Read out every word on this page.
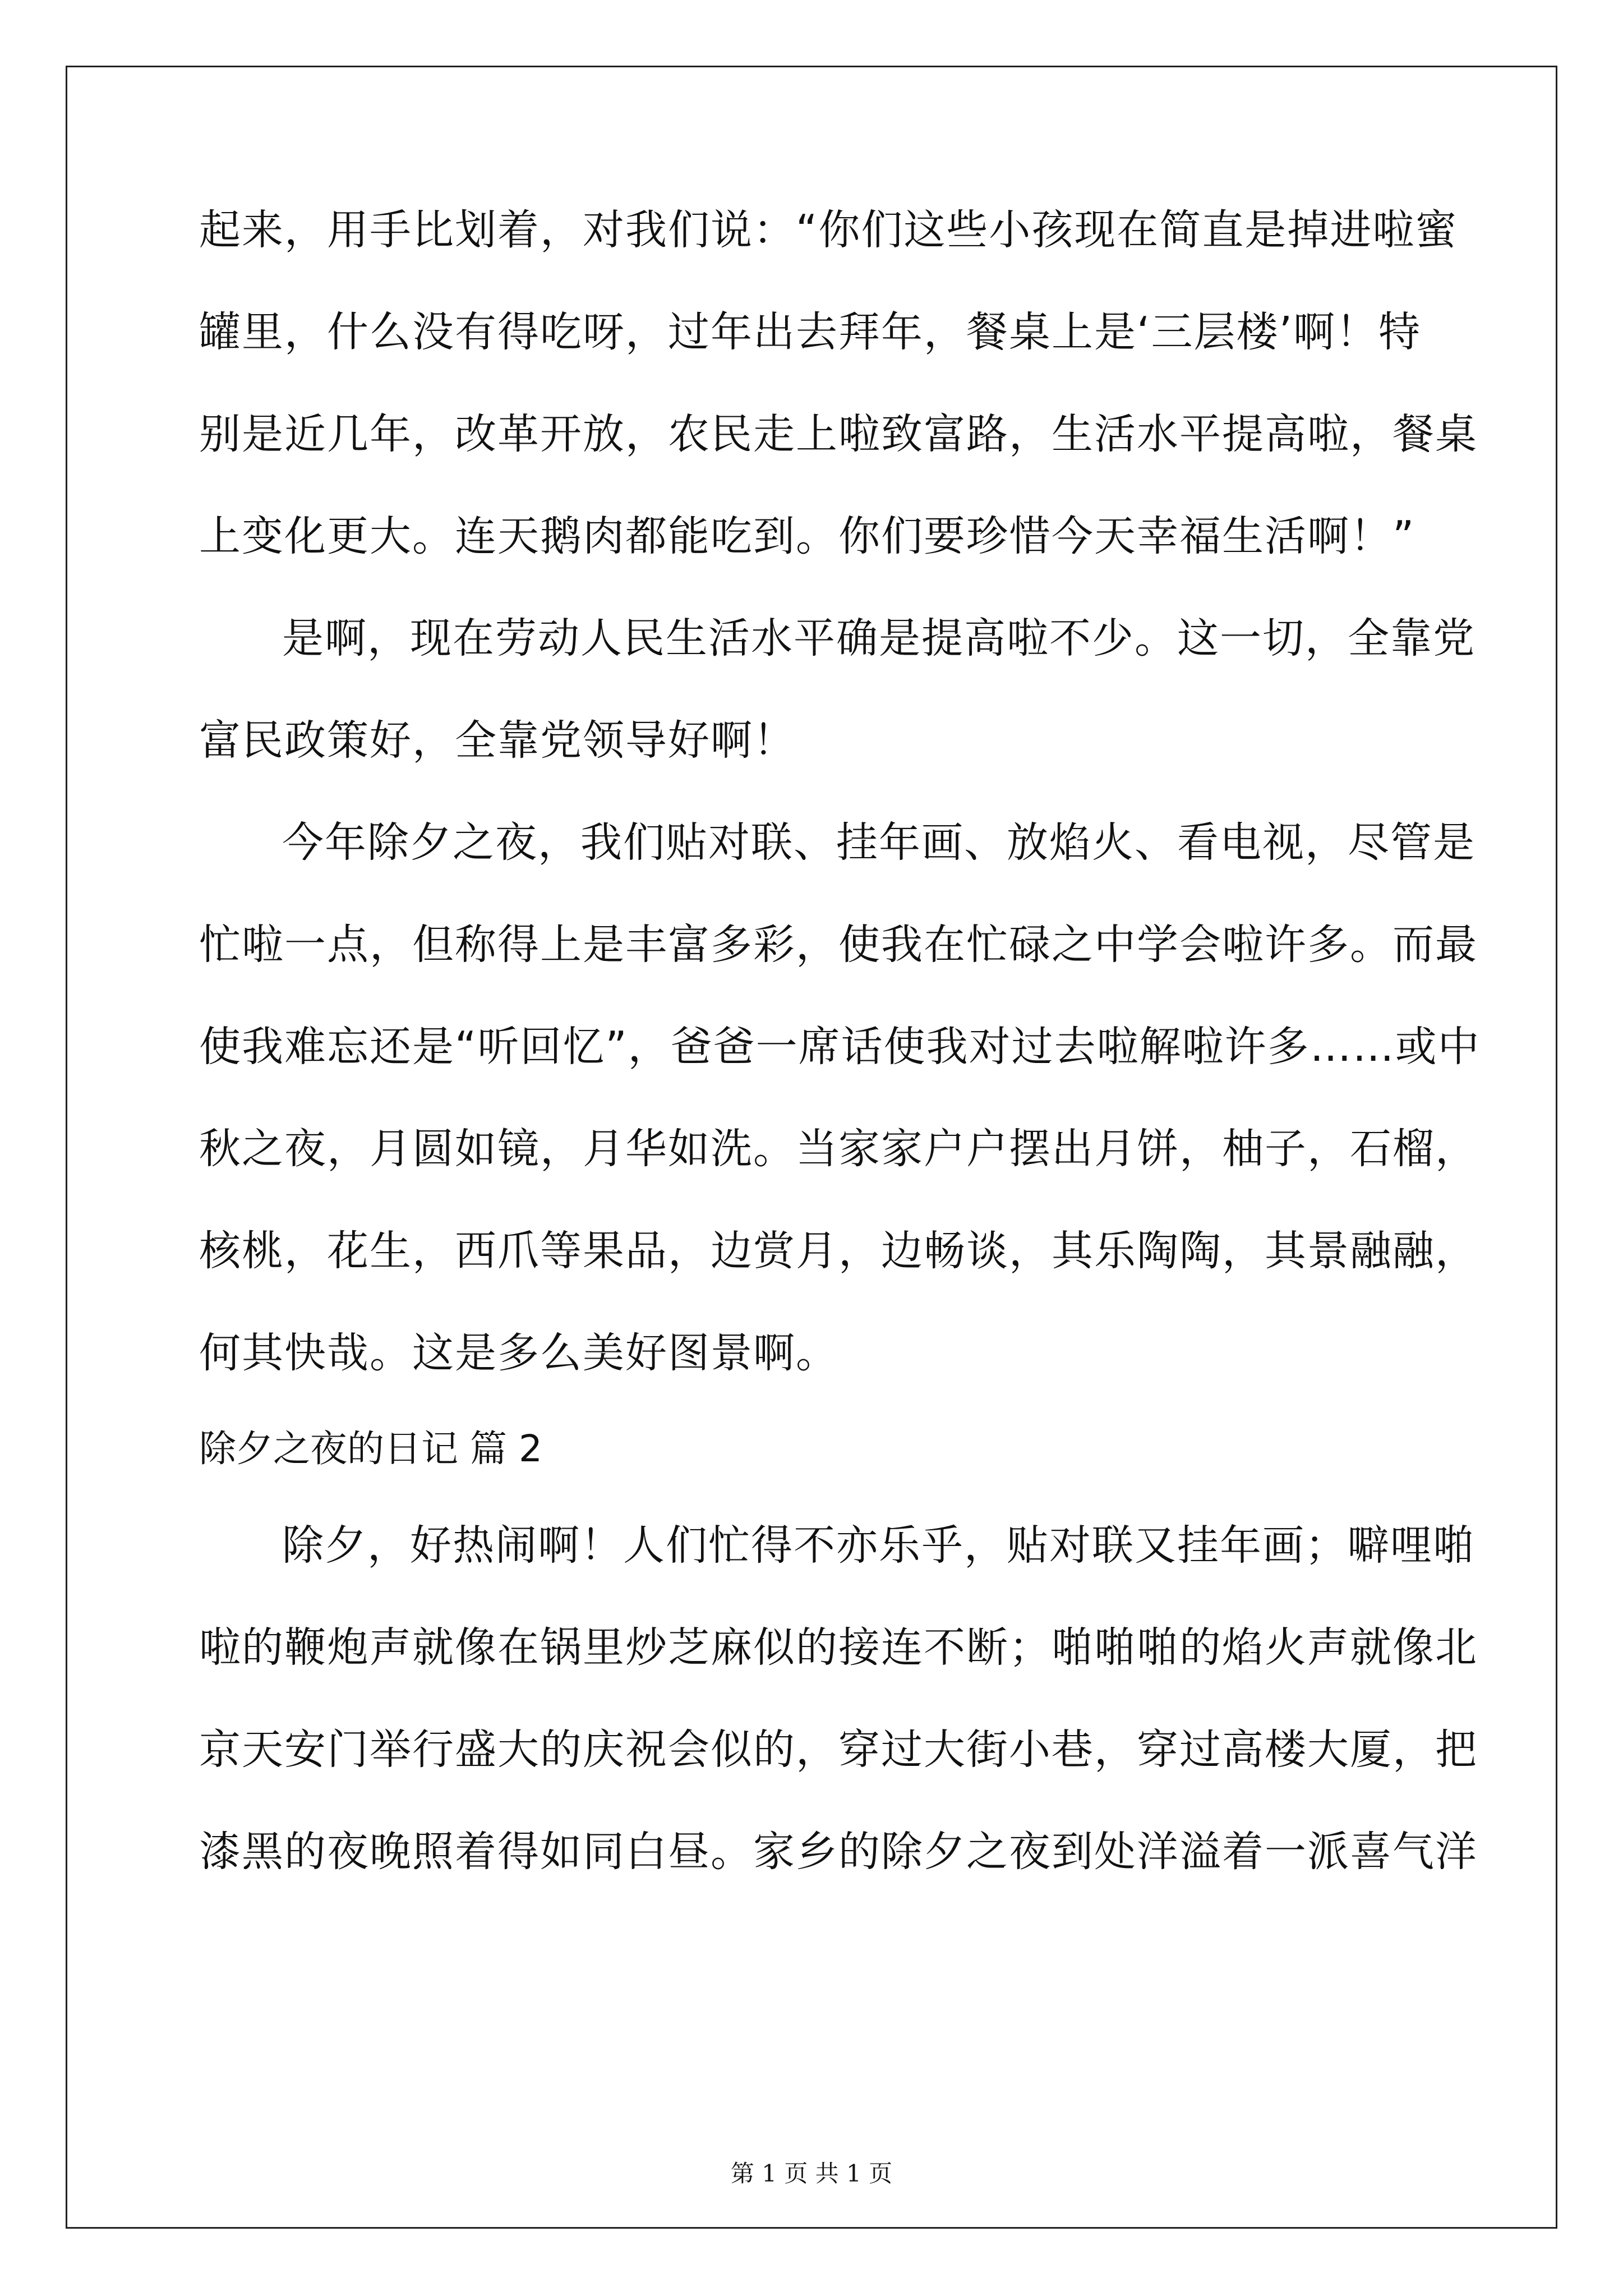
起来，用手比划着，对我们说：“你们这些小孩现在简直是掉进啦蜜
罐里，什么没有得吃呀，过年出去拜年，餐桌上是‘三层楼’啊！特
别是近几年，改革开放，农民走上啦致富路，生活水平提高啦，餐桌
上变化更大。连天鹅肉都能吃到。你们要珍惜今天幸福生活啊！”
是啊，现在劳动人民生活水平确是提高啦不少。这一切，全靠党
富民政策好，全靠党领导好啊！
今年除夕之夜，我们贴对联、挂年画、放焰火、看电视，尽管是
忙啦一点，但称得上是丰富多彩，使我在忙碌之中学会啦许多。而最
使我难忘还是“听回忆”，爸爸一席话使我对过去啦解啦许多……或中
秋之夜，月圆如镜，月华如洗。当家家户户摆出月饼，柚子，石榴，
核桃，花生，西爪等果品，边赏月，边畅谈，其乐陶陶，其景融融，
何其快哉。这是多么美好图景啊。
除夕之夜的日记 篇 2
除夕，好热闹啊！人们忙得不亦乐乎，贴对联又挂年画；噼哩啪
啦的鞭炮声就像在锅里炒芝麻似的接连不断；啪啪啪的焰火声就像北
京天安门举行盛大的庆祝会似的，穿过大街小巷，穿过高楼大厦，把
漆黑的夜晚照着得如同白昼。家乡的除夕之夜到处洋溢着一派喜气洋
第 1 页 共 1 页
